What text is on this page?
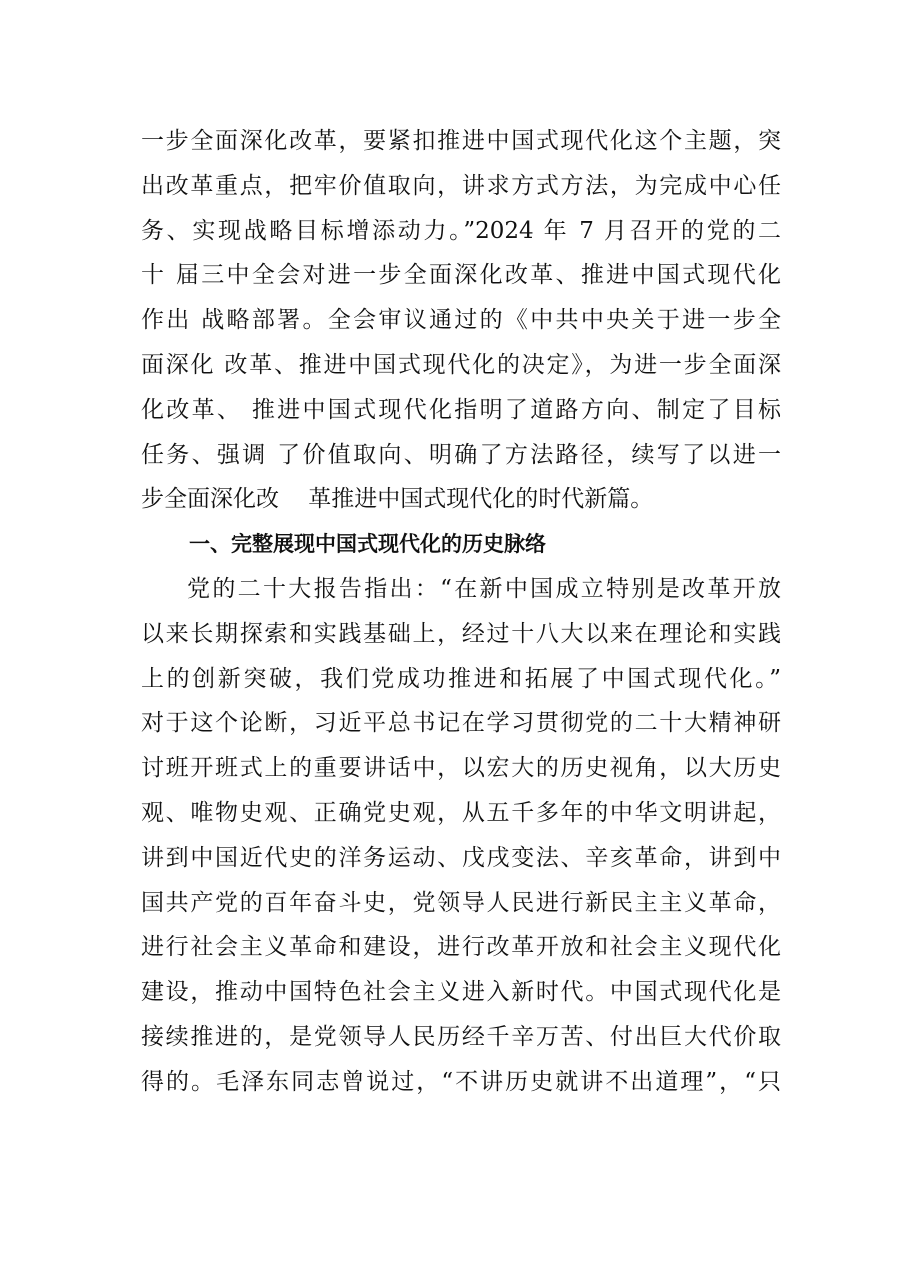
一步全面深化改革，要紧扣推进中国式现代化这个主题，突
出改革重点，把牢价值取向，讲求方式方法，为完成中心任
务、实现战略目标增添动力。”2024 年 7 月召开的党的二
十 届三中全会对进一步全面深化改革、推进中国式现代化
作出 战略部署。全会审议通过的《中共中央关于进一步全
面深化 改革、推进中国式现代化的决定》，为进一步全面深
化改革、 推进中国式现代化指明了道路方向、制定了目标
任务、强调 了价值取向、明确了方法路径，续写了以进一
步全面深化改    革推进中国式现代化的时代新篇。
一、完整展现中国式现代化的历史脉络
党的二十大报告指出：“在新中国成立特别是改革开放
以来长期探索和实践基础上，经过十八大以来在理论和实践
上的创新突破，我们党成功推进和拓展了中国式现代化。”
对于这个论断，习近平总书记在学习贯彻党的二十大精神研
讨班开班式上的重要讲话中，以宏大的历史视角，以大历史
观、唯物史观、正确党史观，从五千多年的中华文明讲起，
讲到中国近代史的洋务运动、戊戌变法、辛亥革命，讲到中
国共产党的百年奋斗史，党领导人民进行新民主主义革命，
进行社会主义革命和建设，进行改革开放和社会主义现代化
建设，推动中国特色社会主义进入新时代。中国式现代化是
接续推进的，是党领导人民历经千辛万苦、付出巨大代价取
得的。毛泽东同志曾说过，“不讲历史就讲不出道理”，“只
